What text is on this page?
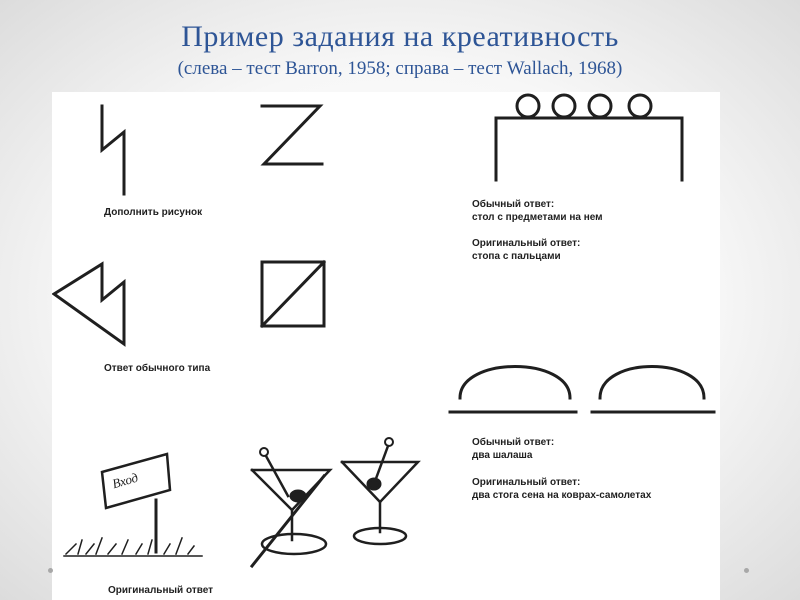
Пример задания на креативность
(слева – тест Barron, 1958; справа – тест Wallach, 1968)
Дополнить рисунок
Ответ обычного типа
Оригинальный ответ
Вход
Обычный ответ:
стол с предметами на нем
Оригинальный ответ:
стопа с пальцами
Обычный ответ:
два шалаша
Оригинальный ответ:
два стога сена на коврах-самолетах
